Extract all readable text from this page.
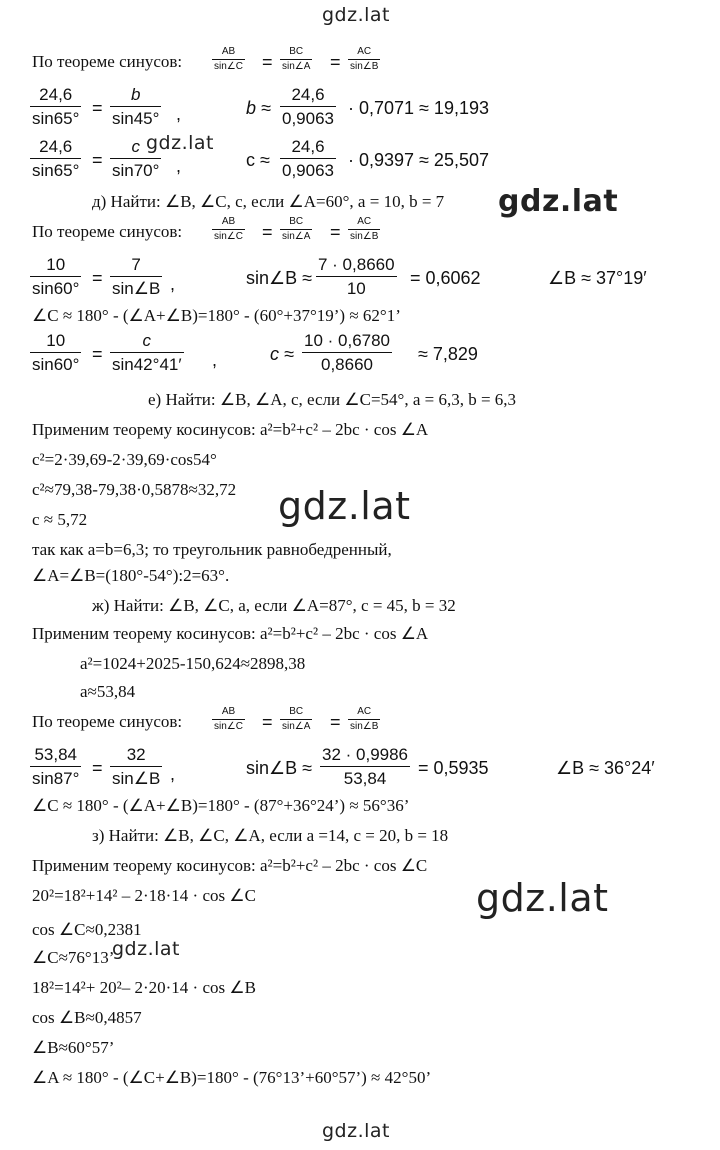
gdz.lat
По теореме синусов:
AB
sin∠C =
BC
sin∠A =
AC
sin∠B
24,6
sin65°
=
b
sin45° ,	b ≈
24,6
0,9063
· 0,7071 ≈ 19,193
24,6
sin65°
=
c
sin70° ,
gdz.lat
c ≈
24,6
0,9063
· 0,9397 ≈ 25,507
д) Найти: ∠B, ∠C, c, если ∠A=60°, a = 10, b = 7 gdz.lat
По теореме синусов:
AB
sin∠C =
BC
sin∠A =
AC
sin∠B
10
sin60°
=
7
sin∠B ,	sin∠B ≈
7 · 0,8660
10
= 0,6062	∠B ≈ 37°19′
∠C ≈ 180° - (∠A+∠B)=180° - (60°+37°19’) ≈ 62°1’
10
sin60°
=
c
sin42°41′ ,	c ≈
10 · 0,6780
0,8660
≈ 7,829
е) Найти: ∠B, ∠A, c, если ∠C=54°, a = 6,3, b = 6,3
Применим теорему косинусов: a²=b²+c² – 2bc · cos ∠A
c²=2·39,69-2·39,69·cos54°
c²≈79,38-79,38·0,5878≈32,72 gdz.lat
c ≈ 5,72
так как a=b=6,3; то треугольник равнобедренный,
∠A=∠B=(180°-54°):2=63°.
ж) Найти: ∠B, ∠C, a, если ∠A=87°, c = 45, b = 32
Применим теорему косинусов: a²=b²+c² – 2bc · cos ∠A
a²=1024+2025-150,624≈2898,38
a≈53,84
По теореме синусов:
AB
sin∠C =
BC
sin∠A =
AC
sin∠B
53,84
sin87°
=
32
sin∠B ,	sin∠B ≈
32 · 0,9986
53,84
= 0,5935	∠B ≈ 36°24′
∠C ≈ 180° - (∠A+∠B)=180° - (87°+36°24’) ≈ 56°36’
з) Найти: ∠B, ∠C, ∠A, если a =14, c = 20, b = 18
Применим теорему косинусов: a²=b²+c² – 2bc · cos ∠C
20²=18²+14² – 2·18·14 · cos ∠C	gdz.lat
cos ∠C≈0,2381
∠C≈76°13’
gdz.lat
18²=14²+ 20²– 2·20·14 · cos ∠B
cos ∠B≈0,4857
∠B≈60°57’
∠A ≈ 180° - (∠C+∠B)=180° - (76°13’+60°57’) ≈ 42°50’
gdz.lat
